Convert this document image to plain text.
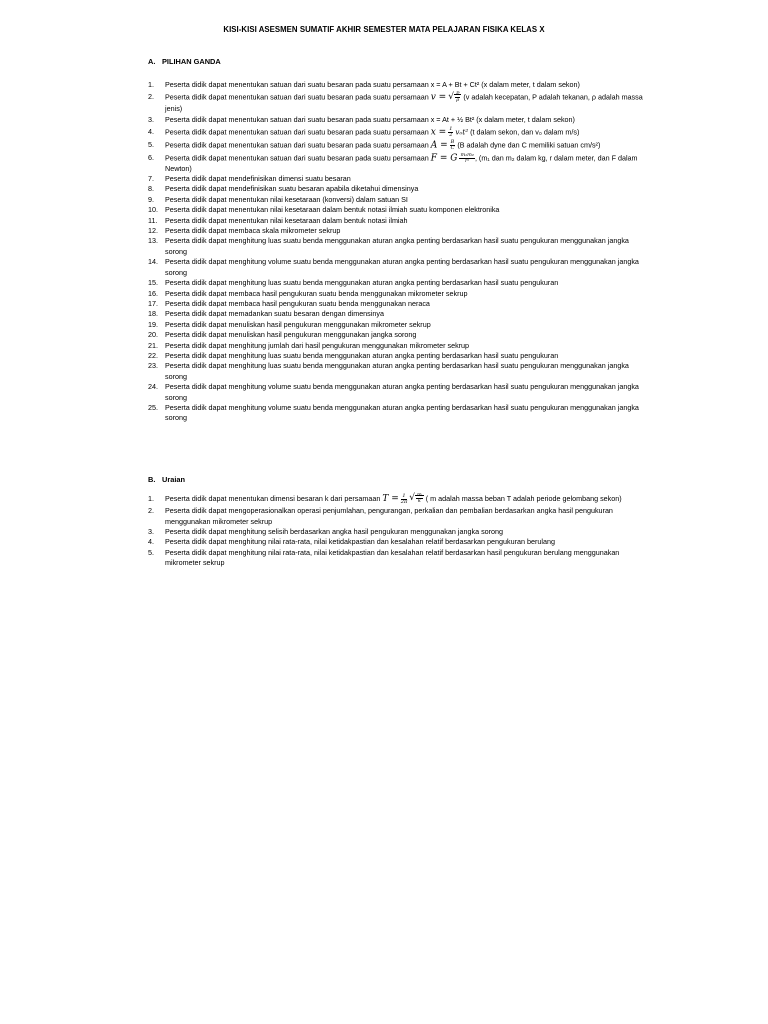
KISI-KISI ASESMEN SUMATIF AKHIR SEMESTER MATA PELAJARAN FISIKA KELAS X
A. PILIHAN GANDA
1. Peserta didik dapat menentukan satuan dari suatu besaran pada suatu persamaan x = A + Bt + Ct² (x dalam meter, t dalam sekon)
2. Peserta didik dapat menentukan satuan dari suatu besaran pada suatu persamaan v = √ $\frac{P}{\rho} (v$ adalah kecepatan, P adalah tekanan, ρ adalah massa jenis)
3. Peserta didik dapat menentukan satuan dari suatu besaran pada suatu persamaan x = At + ½ Bt² (x dalam meter, t dalam sekon)
4. Peserta didik dapat menentukan satuan dari suatu besaran pada suatu persamaan $x = \frac{1}{2} v_0t^2$ (t dalam sekon, dan v₀ dalam m/s)
5. Peserta didik dapat menentukan satuan dari suatu besaran pada suatu persamaan $A = \frac{B}{C} (B$ adalah dyne dan C memiliki satuan cm/s²)
6. Peserta didik dapat menentukan satuan dari suatu besaran pada suatu persamaan F = G $\frac{\text{m₁m₂}}{\text{r²}}$ , (m₁ dan m₂ dalam kg, r dalam meter, dan F dalam Newton)
7. Peserta didik dapat mendefinisikan dimensi suatu besaran
8. Peserta didik dapat mendefinisikan suatu besaran apabila diketahui dimensinya
9. Peserta didik dapat menentukan nilai kesetaraan (konversi) dalam satuan SI
10. Peserta didik dapat menentukan nilai kesetaraan dalam bentuk notasi ilmiah suatu komponen elektronika
11. Peserta didik dapat menentukan nilai kesetaraan dalam bentuk notasi ilmiah
12. Peserta didik dapat membaca skala mikrometer sekrup
13. Peserta didik dapat menghitung luas suatu benda menggunakan aturan angka penting berdasarkan hasil suatu pengukuran menggunakan jangka sorong
14. Peserta didik dapat menghitung volume suatu benda menggunakan aturan angka penting berdasarkan hasil suatu pengukuran menggunakan jangka sorong
15. Peserta didik dapat menghitung luas suatu benda menggunakan aturan angka penting berdasarkan hasil suatu pengukuran
16. Peserta didik dapat membaca hasil pengukuran suatu benda menggunakan mikrometer sekrup
17. Peserta didik dapat membaca hasil pengukuran suatu benda menggunakan neraca
18. Peserta didik dapat memadankan suatu besaran dengan dimensinya
19. Peserta didik dapat menuliskan hasil pengukuran menggunakan mikrometer sekrup
20. Peserta didik dapat menuliskan hasil pengukuran menggunakan jangka sorong
21. Peserta didik dapat menghitung jumlah dari hasil pengukuran menggunakan mikrometer sekrup
22. Peserta didik dapat menghitung luas suatu benda menggunakan aturan angka penting berdasarkan hasil suatu pengukuran
23. Peserta didik dapat menghitung luas suatu benda menggunakan aturan angka penting berdasarkan hasil suatu pengukuran menggunakan jangka sorong
24. Peserta didik dapat menghitung volume suatu benda menggunakan aturan angka penting berdasarkan hasil suatu pengukuran menggunakan jangka sorong
25. Peserta didik dapat menghitung volume suatu benda menggunakan aturan angka penting berdasarkan hasil suatu pengukuran menggunakan jangka sorong
B. Uraian
1. Peserta didik dapat menentukan dimensi besaran k dari persamaan $T = \frac{1}{2\pi}$ √ $\frac{m}{k}$ ( m adalah massa beban T adalah periode gelombang sekon)
2. Peserta didik dapat mengoperasionalkan operasi penjumlahan, pengurangan, perkalian dan pembalian berdasarkan angka hasil pengukuran menggunakan mikrometer sekrup
3. Peserta didik dapat menghitung selisih berdasarkan angka hasil pengukuran menggunakan jangka sorong
4. Peserta didik dapat menghitung nilai rata-rata, nilai ketidakpastian dan kesalahan relatif berdasarkan pengukuran berulang
5. Peserta didik dapat menghitung nilai rata-rata, nilai ketidakpastian dan kesalahan relatif berdasarkan hasil pengukuran berulang menggunakan mikrometer sekrup
